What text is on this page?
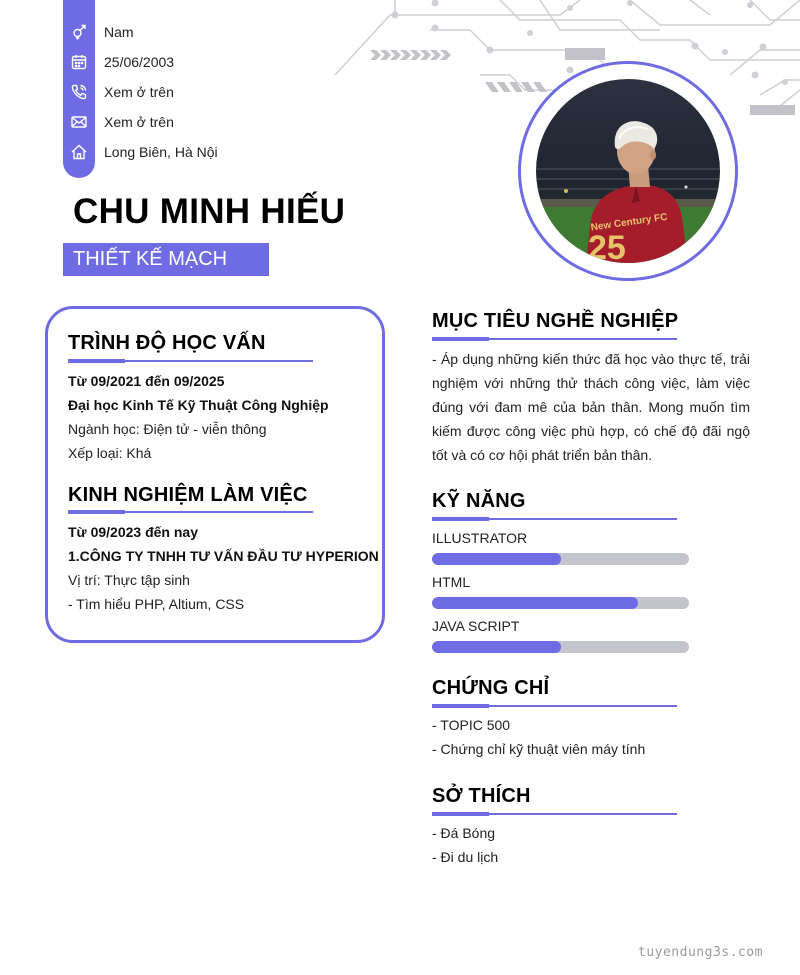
Nam
25/06/2003
Xem ở trên
Xem ở trên
Long Biên, Hà Nội
CHU MINH HIẾU
THIẾT KẾ MẠCH
New Century FC
25
TRÌNH ĐỘ HỌC VẤN
Từ 09/2021 đến 09/2025
Đại học Kinh Tế Kỹ Thuật Công Nghiệp
Ngành học: Điện tử - viễn thông
Xếp loại: Khá
KINH NGHIỆM LÀM VIỆC
Từ 09/2023 đến nay
1.CÔNG TY TNHH TƯ VẤN ĐẦU TƯ HYPERION
Vị trí: Thực tập sinh
- Tìm hiểu PHP, Altium, CSS
MỤC TIÊU NGHỀ NGHIỆP
- Áp dụng những kiến thức đã học vào thực tế, trải nghiệm với những thử thách công việc, làm việc đúng với đam mê của bản thân. Mong muốn tìm kiếm được công việc phù hợp, có chế độ đãi ngộ tốt và có cơ hội phát triển bản thân.
KỸ NĂNG
ILLUSTRATOR
HTML
JAVA SCRIPT
CHỨNG CHỈ
- TOPIC 500
- Chứng chỉ kỹ thuật viên máy tính
SỞ THÍCH
- Đá Bóng
- Đi du lịch
tuyendung3s.com
